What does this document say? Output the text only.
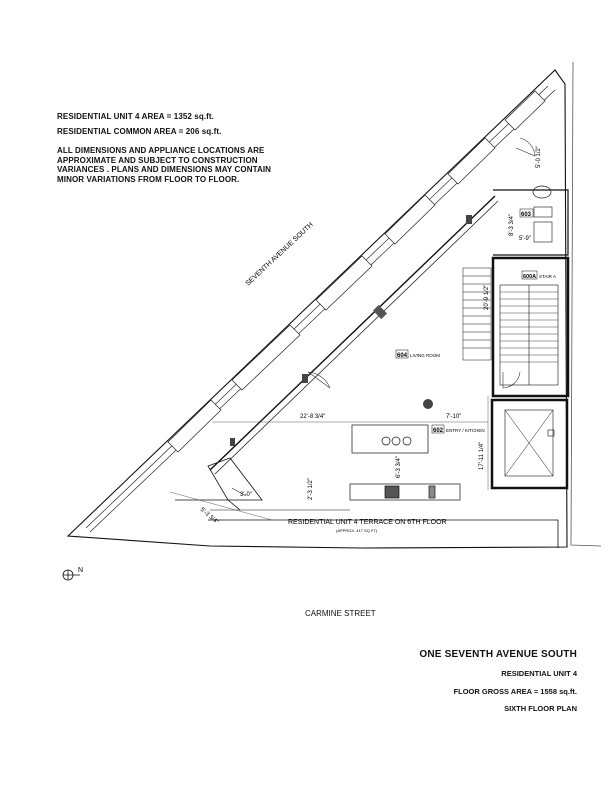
RESIDENTIAL UNIT 4 AREA = 1352 sq.ft.
RESIDENTIAL COMMON AREA = 206 sq.ft.
ALL DIMENSIONS AND APPLIANCE LOCATIONS ARE
APPROXIMATE AND SUBJECT TO CONSTRUCTION
VARIANCES . PLANS AND DIMENSIONS MAY CONTAIN
MINOR VARIATIONS FROM FLOOR TO FLOOR.
SEVENTH AVENUE SOUTH
N
603
600A STAIR A
604 LIVING ROOM
602 ENTRY / KITCHEN
22'-8 3/4"	7'-10"
17'-11 1/4"
8'-3 3/4"
5'-9"
20'-9 1/2"
5'-3 3/4"
2'-3 1/2"
6'-3 3/4"
5'-0 1/2"
3'-0"
RESIDENTIAL UNIT 4 TERRACE ON 6TH FLOOR
(APPROX. 417 SQ FT)
CARMINE STREET
ONE SEVENTH AVENUE SOUTH
RESIDENTIAL UNIT 4
FLOOR GROSS AREA = 1558 sq.ft.
SIXTH FLOOR PLAN
